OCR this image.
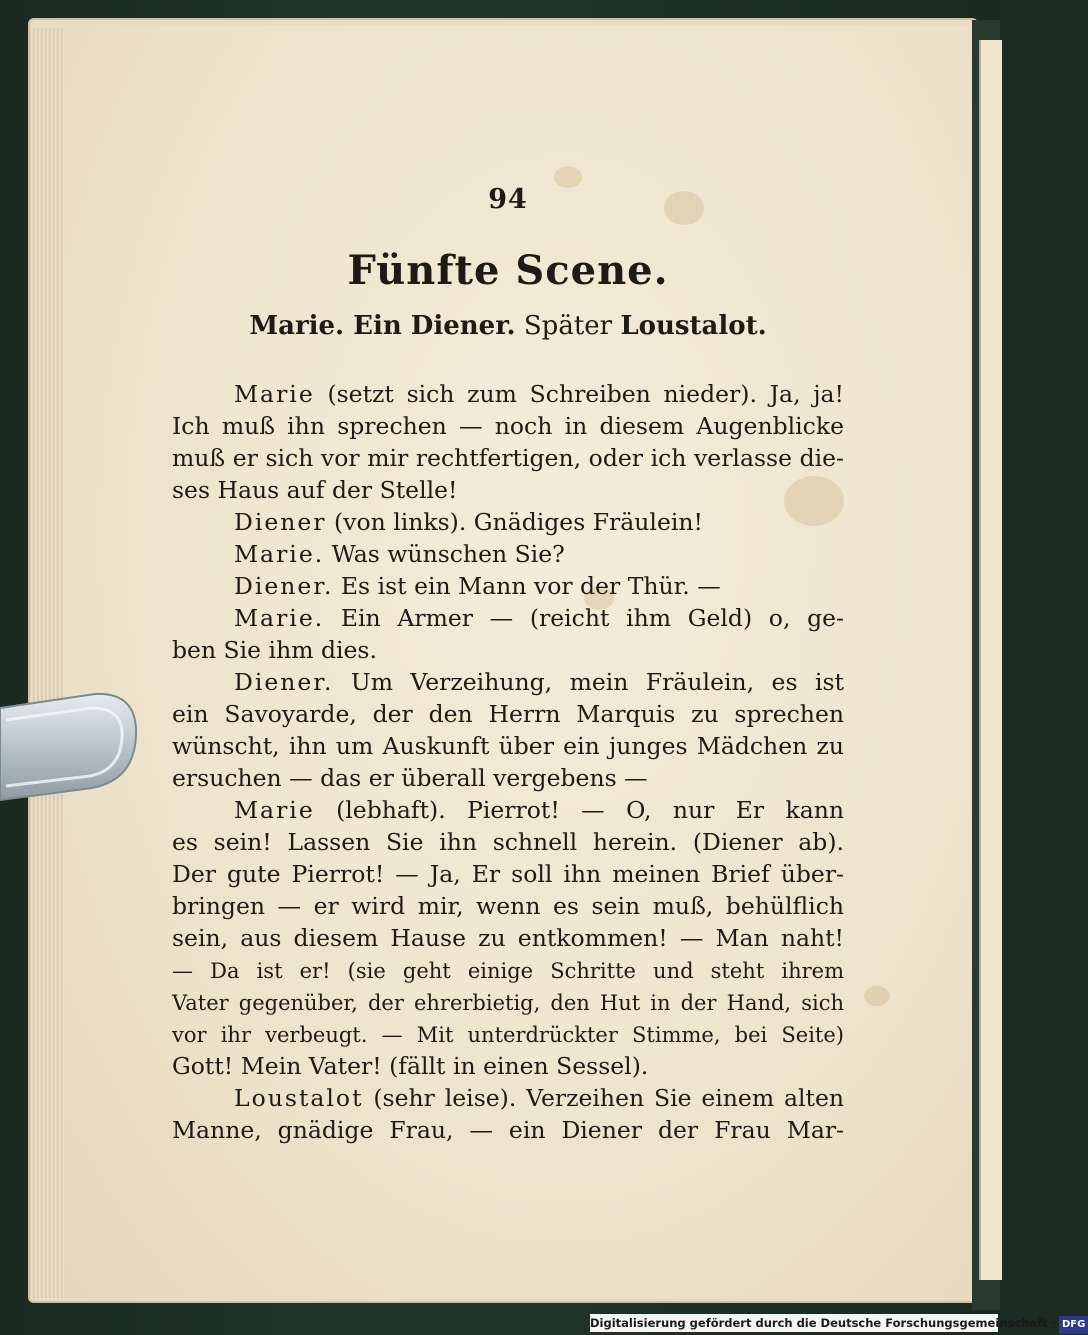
94
Fünfte Scene.
Marie. Ein Diener. Später Loustalot.
Marie (setzt sich zum Schreiben nieder). Ja, ja!
Ich muß ihn sprechen — noch in diesem Augenblicke
muß er sich vor mir rechtfertigen, oder ich verlasse die-
ses Haus auf der Stelle!
Diener (von links). Gnädiges Fräulein!
Marie. Was wünschen Sie?
Diener. Es ist ein Mann vor der Thür. —
Marie. Ein Armer — (reicht ihm Geld) o, ge-
ben Sie ihm dies.
Diener. Um Verzeihung, mein Fräulein, es ist
ein Savoyarde, der den Herrn Marquis zu sprechen
wünscht, ihn um Auskunft über ein junges Mädchen zu
ersuchen — das er überall vergebens —
Marie (lebhaft). Pierrot! — O, nur Er kann
es sein! Lassen Sie ihn schnell herein. (Diener ab).
Der gute Pierrot! — Ja, Er soll ihn meinen Brief über-
bringen — er wird mir, wenn es sein muß, behülflich
sein, aus diesem Hause zu entkommen! — Man naht!
— Da ist er! (sie geht einige Schritte und steht ihrem
Vater gegenüber, der ehrerbietig, den Hut in der Hand, sich
vor ihr verbeugt. — Mit unterdrückter Stimme, bei Seite)
Gott! Mein Vater! (fällt in einen Sessel).
Loustalot (sehr leise). Verzeihen Sie einem alten
Manne, gnädige Frau, — ein Diener der Frau Mar-
Digitalisierung gefördert durch die Deutsche Forschungsgemeinschaft · DFG
